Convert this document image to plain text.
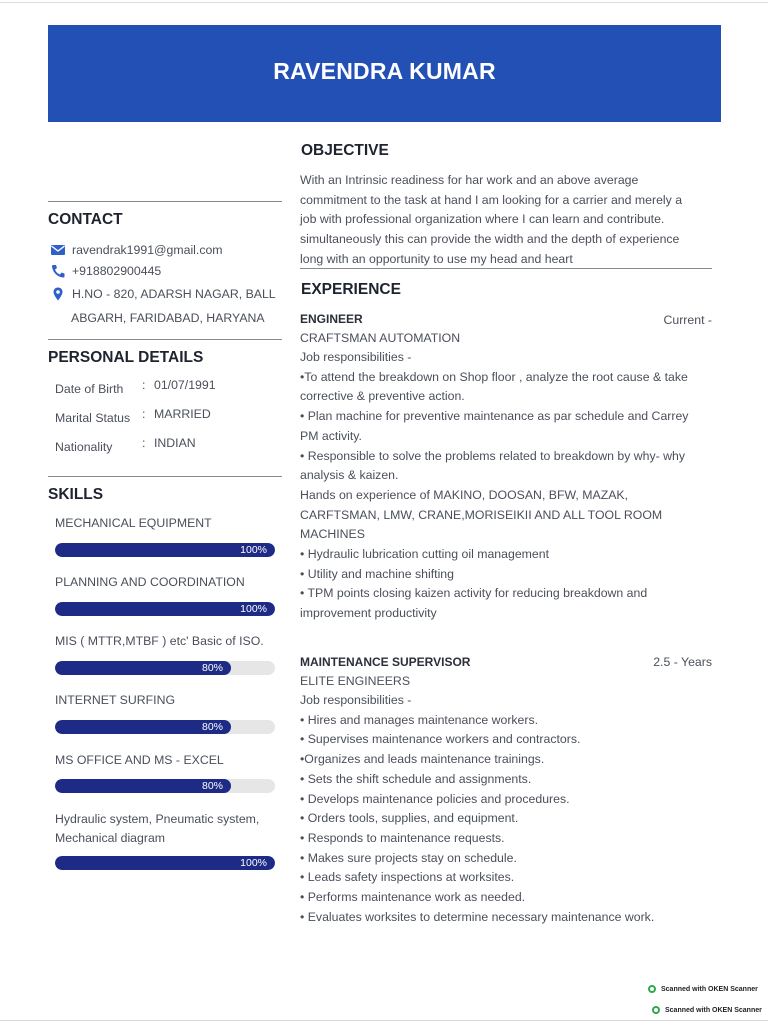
RAVENDRA KUMAR
CONTACT
ravendrak1991@gmail.com
+918802900445
H.NO - 820, ADARSH NAGAR, BALL
ABGARH, FARIDABAD, HARYANA
PERSONAL DETAILS
Date of Birth : 01/07/1991
Marital Status : MARRIED
Nationality : INDIAN
SKILLS
MECHANICAL EQUIPMENT
100%
PLANNING AND COORDINATION
100%
MIS ( MTTR,MTBF ) etc' Basic of ISO.
80%
INTERNET SURFING
80%
MS OFFICE AND MS - EXCEL
80%
Hydraulic system, Pneumatic system,
Mechanical diagram
100%
OBJECTIVE
With an Intrinsic readiness for har work and an above average
commitment to the task at hand I am looking for a carrier and merely a
job with professional organization where I can learn and contribute.
simultaneously this can provide the width and the depth of experience
long with an opportunity to use my head and heart
EXPERIENCE
ENGINEER	Current -
CRAFTSMAN AUTOMATION
Job responsibilities -
•To attend the breakdown on Shop floor , analyze the root cause & take
corrective & preventive action.
• Plan machine for preventive maintenance as par schedule and Carrey
PM activity.
• Responsible to solve the problems related to breakdown by why- why
analysis & kaizen.
Hands on experience of MAKINO, DOOSAN, BFW, MAZAK,
CARFTSMAN, LMW, CRANE,MORISEIKII AND ALL TOOL ROOM
MACHINES
• Hydraulic lubrication cutting oil management
• Utility and machine shifting
• TPM points closing kaizen activity for reducing breakdown and
improvement productivity
MAINTENANCE SUPERVISOR	2.5 - Years
ELITE ENGINEERS
Job responsibilities -
• Hires and manages maintenance workers.
• Supervises maintenance workers and contractors.
•Organizes and leads maintenance trainings.
• Sets the shift schedule and assignments.
• Develops maintenance policies and procedures.
• Orders tools, supplies, and equipment.
• Responds to maintenance requests.
• Makes sure projects stay on schedule.
• Leads safety inspections at worksites.
• Performs maintenance work as needed.
• Evaluates worksites to determine necessary maintenance work.
Scanned with OKEN Scanner
Scanned with OKEN Scanner
